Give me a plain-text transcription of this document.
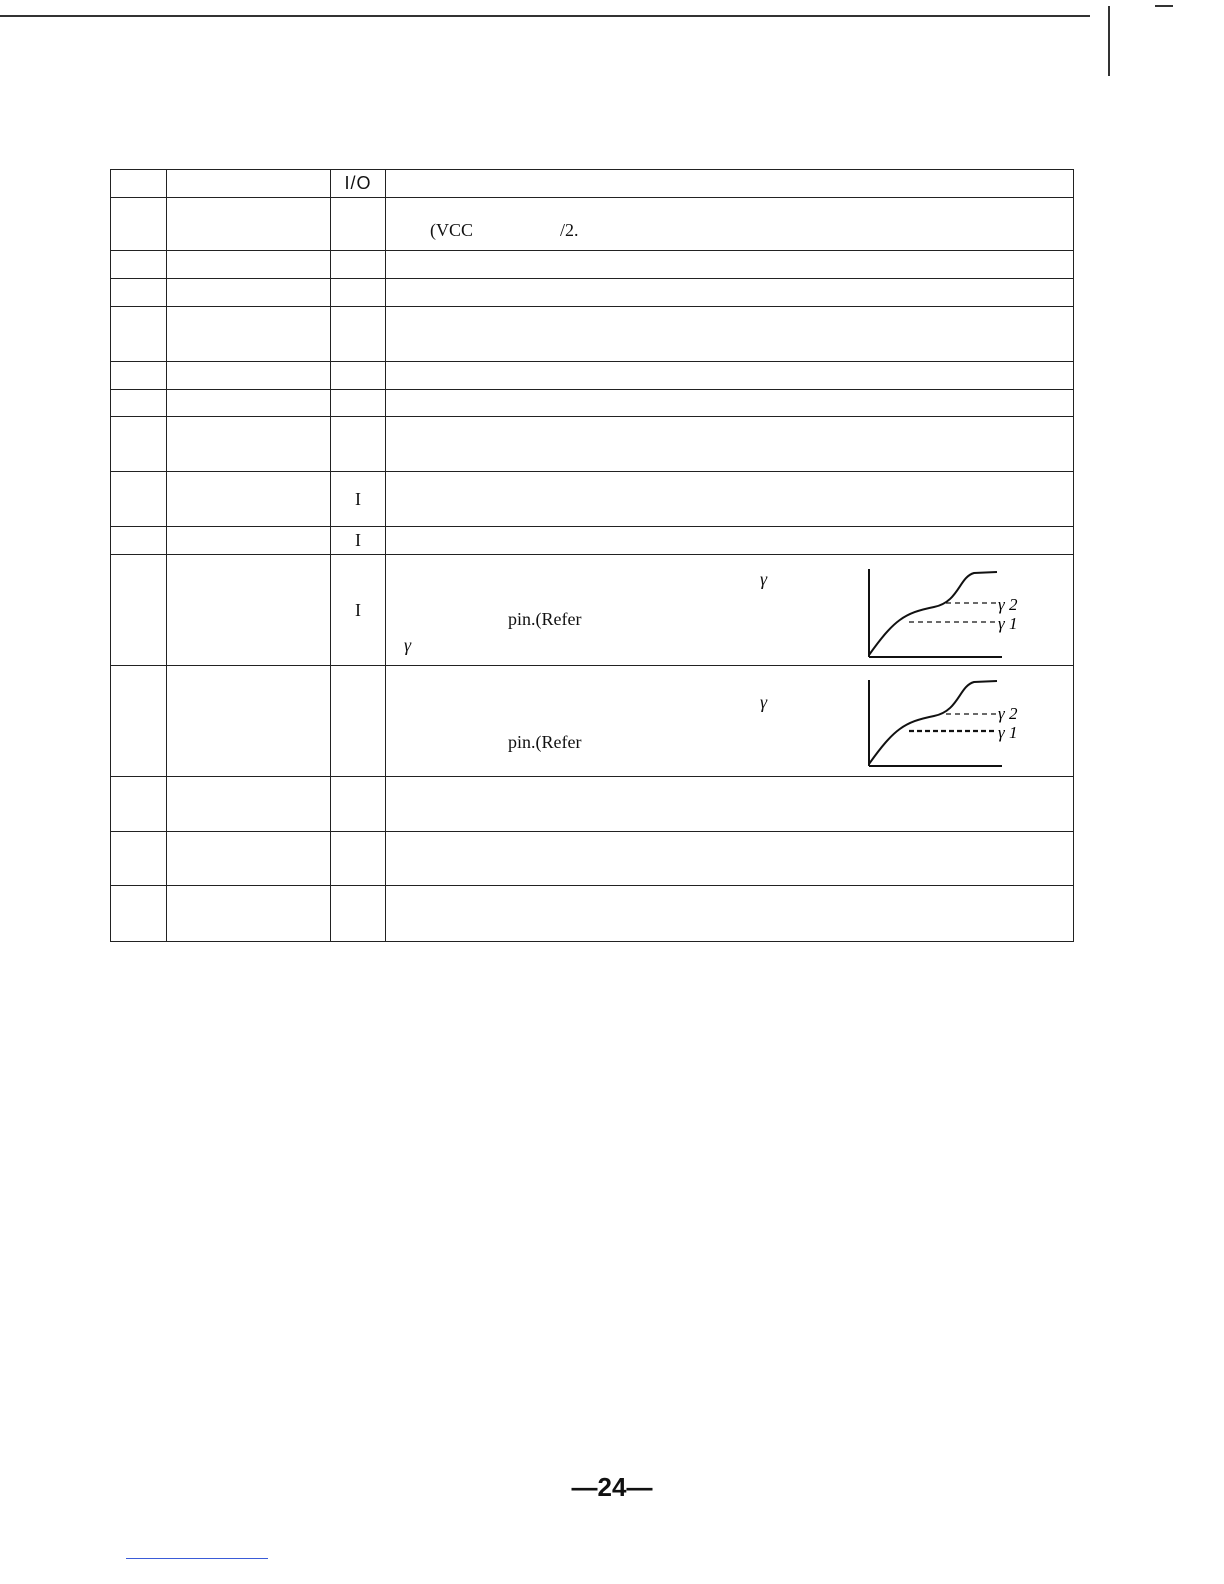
		I/O	

			(VCC /2.

		I	
		I	
		I	γ
pin.(Refer
γ
γ 2
γ 1

			γ
pin.(Refer
γ 2
γ 1

—24—
